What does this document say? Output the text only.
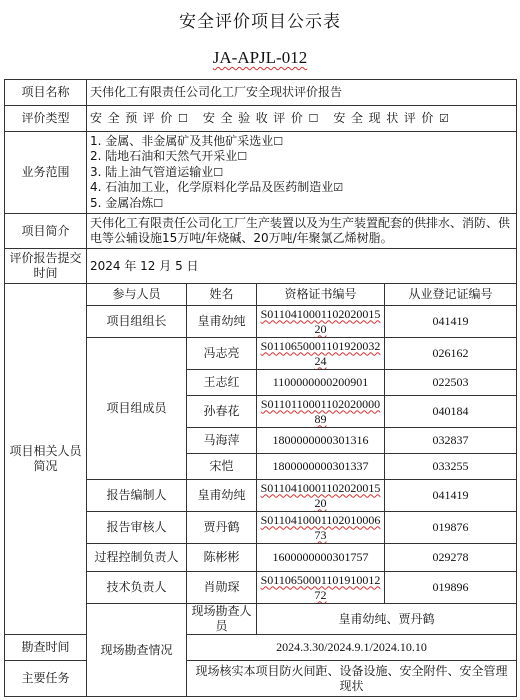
安全评价项目公示表
JA-APJL-012
项目名称	天伟化工有限责任公司化工厂安全现状评价报告			
评价类型	安全预评价☐ 安全验收评价☐ 安全现状评价☑			
业务范围	1. 金属、非金属矿及其他矿采选业☐
2. 陆地石油和天然气开采业☐
3. 陆上油气管道运输业☐
4. 石油加工业，化学原料化学品及医药制造业☑
5. 金属冶炼☐			

项目简介	天伟化工有限责任公司化工厂生产装置以及为生产装置配套的供排水、消防、供电等公辅设施15万吨/年烧碱、20万吨/年聚氯乙烯树脂。			
评价报告提交时间	2024 年 12 月 5 日			
项目相关人员简况	参与人员	姓名	资格证书编号	从业登记证编号
	项目组组长	皇甫幼纯	S011041000110202001520	041419
	项目组成员	冯志亮	S011065000110192003224	026162
		王志红	1100000000200901	022503
		孙春花	S011011000110202000089	040184
		马海萍	1800000000301316	032837
		宋恺	1800000000301337	033255
	报告编制人	皇甫幼纯	S011041000110202001520	041419
	报告审核人	贾丹鹤	S011041000110201000673	019876
	过程控制负责人	陈彬彬	1600000000301757	029278
	技术负责人	肖勋琛	S011065000110191001272	019896
	现场勘查情况	现场勘查人员	皇甫幼纯、贾丹鹤	
勘查时间		2024.3.30/2024.9.1/2024.10.10		
主要任务		现场核实本项目防火间距、设备设施、安全附件、安全管理现状		
